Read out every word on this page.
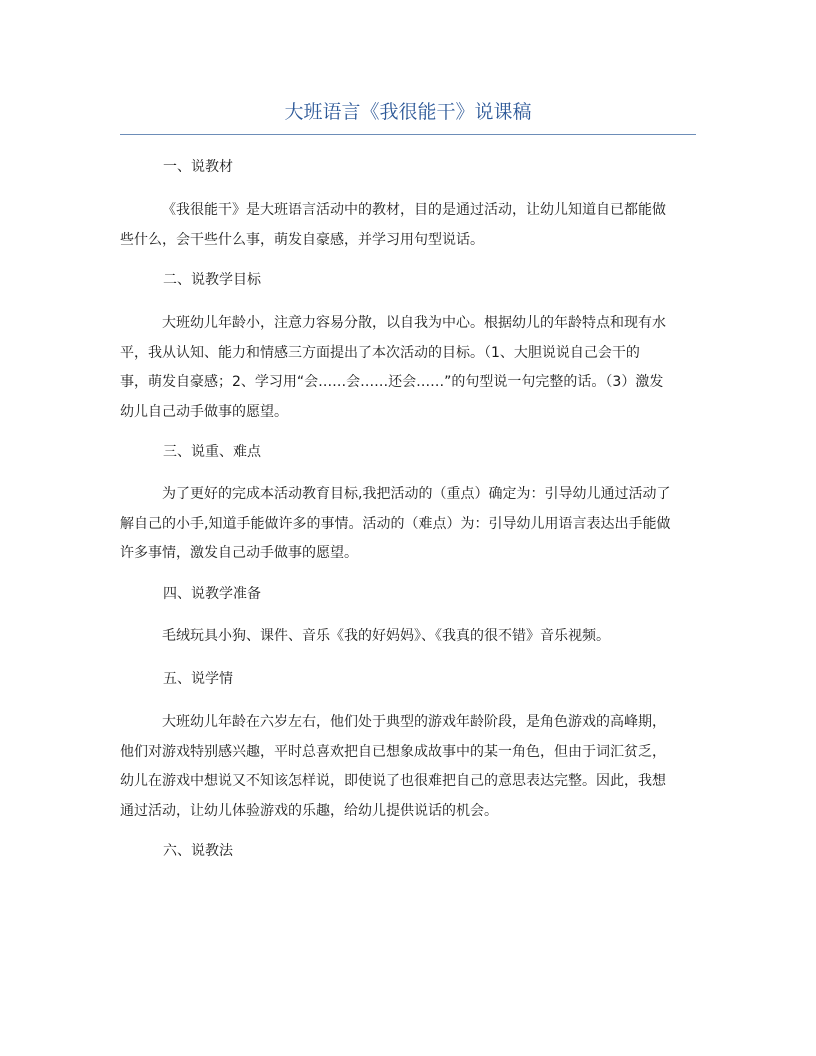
大班语言《我很能干》说课稿
一、说教材
《我很能干》是大班语言活动中的教材，目的是通过活动，让幼儿知道自已都能做
些什么，会干些什么事，萌发自豪感，并学习用句型说话。
二、说教学目标
大班幼儿年龄小，注意力容易分散，以自我为中心。根据幼儿的年龄特点和现有水
平，我从认知、能力和情感三方面提出了本次活动的目标。（1、大胆说说自己会干的
事，萌发自豪感；2、学习用“会……会……还会……”的句型说一句完整的话。（3）激发
幼儿自己动手做事的愿望。
三、说重、难点
为了更好的完成本活动教育目标,我把活动的（重点）确定为：引导幼儿通过活动了
解自己的小手,知道手能做许多的事情。活动的（难点）为：引导幼儿用语言表达出手能做
许多事情，激发自己动手做事的愿望。
四、说教学准备
毛绒玩具小狗、课件、音乐《我的好妈妈》、《我真的很不错》音乐视频。
五、说学情
大班幼儿年龄在六岁左右，他们处于典型的游戏年龄阶段，是角色游戏的高峰期，
他们对游戏特别感兴趣，平时总喜欢把自已想象成故事中的某一角色，但由于词汇贫乏，
幼儿在游戏中想说又不知该怎样说，即使说了也很难把自己的意思表达完整。因此，我想
通过活动，让幼儿体验游戏的乐趣，给幼儿提供说话的机会。
六、说教法
